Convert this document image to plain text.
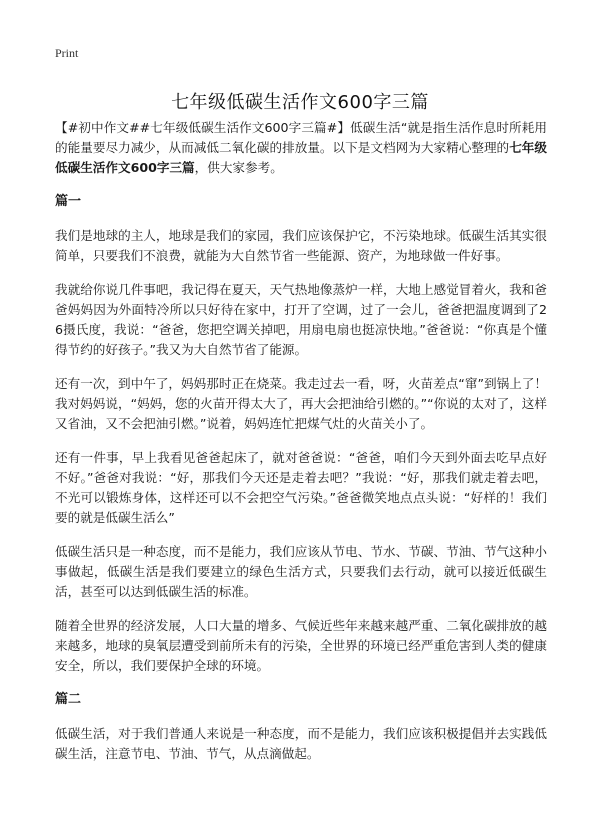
Print
七年级低碳生活作文600字三篇

【#初中作文##七年级低碳生活作文600字三篇#】低碳生活“就是指生活作息时所耗用的能量要尽力减少，从而减低二氧化碳的排放量。以下是文档网为大家精心整理的七年级低碳生活作文600字三篇，供大家参考。

篇一

我们是地球的主人，地球是我们的家园，我们应该保护它，不污染地球。低碳生活其实很简单，只要我们不浪费，就能为大自然节省一些能源、资产，为地球做一件好事。

我就给你说几件事吧，我记得在夏天，天气热地像蒸炉一样，大地上感觉冒着火，我和爸爸妈妈因为外面特冷所以只好待在家中，打开了空调，过了一会儿，爸爸把温度调到了26摄氏度，我说：“爸爸，您把空调关掉吧，用扇电扇也挺凉快地。”爸爸说：“你真是个懂得节约的好孩子。”我又为大自然节省了能源。

还有一次，到中午了，妈妈那时正在烧菜。我走过去一看，呀，火苗差点“窜”到锅上了！我对妈妈说，“妈妈，您的火苗开得太大了，再大会把油给引燃的。”“你说的太对了，这样又省油，又不会把油引燃。”说着，妈妈连忙把煤气灶的火苗关小了。

还有一件事，早上我看见爸爸起床了，就对爸爸说：“爸爸，咱们今天到外面去吃早点好不好。”爸爸对我说：“好，那我们今天还是走着去吧？”我说：“好，那我们就走着去吧，不光可以锻炼身体，这样还可以不会把空气污染。”爸爸微笑地点点头说：“好样的！我们要的就是低碳生活么”

低碳生活只是一种态度，而不是能力，我们应该从节电、节水、节碳、节油、节气这种小事做起，低碳生活是我们要建立的绿色生活方式，只要我们去行动，就可以接近低碳生活，甚至可以达到低碳生活的标准。

随着全世界的经济发展，人口大量的增多、气候近些年来越来越严重、二氧化碳排放的越来越多，地球的臭氧层遭受到前所未有的污染，全世界的环境已经严重危害到人类的健康安全，所以，我们要保护全球的环境。

篇二

低碳生活，对于我们普通人来说是一种态度，而不是能力，我们应该积极提倡并去实践低碳生活，注意节电、节油、节气，从点滴做起。
